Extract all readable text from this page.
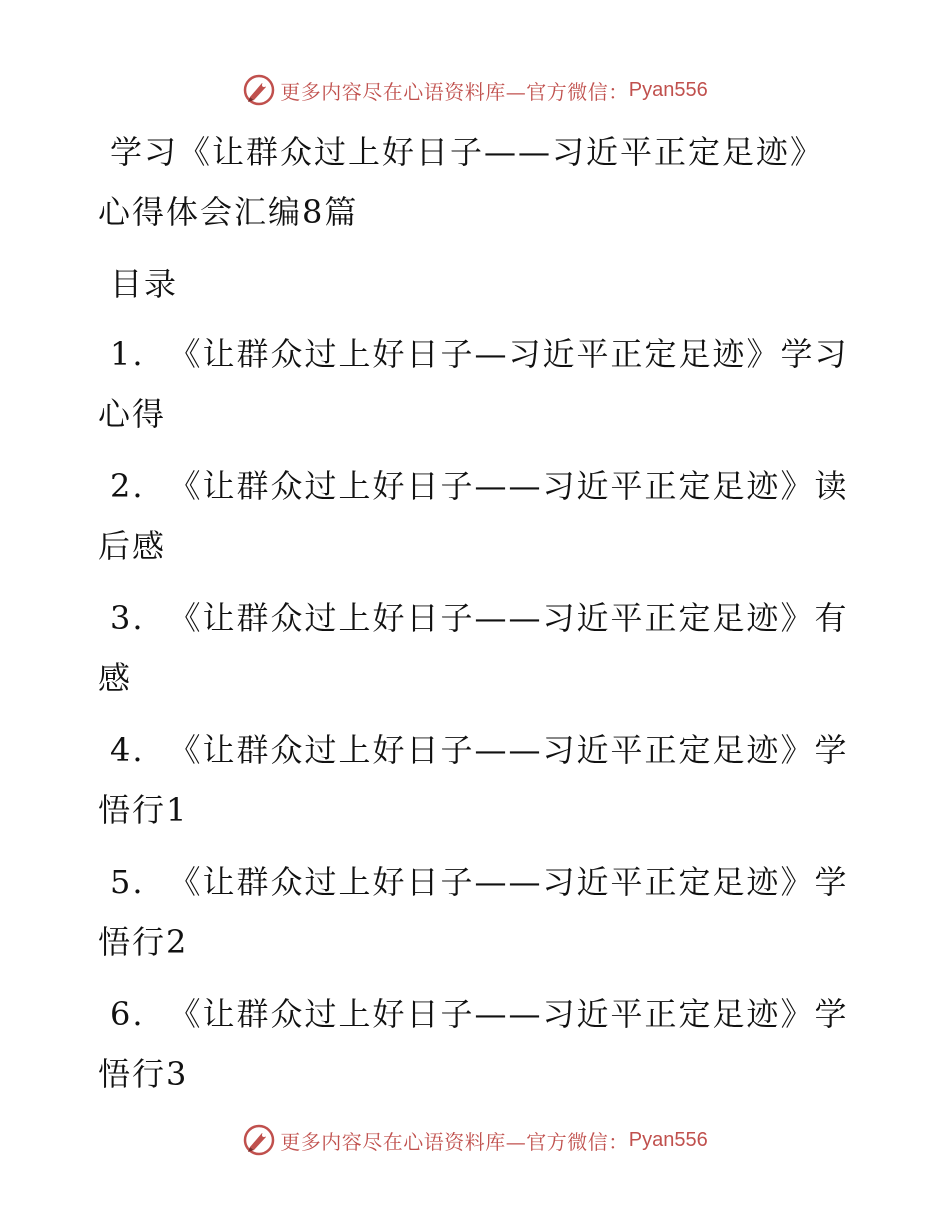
更多内容尽在心语资料库—官方微信： Pyan556
学习《让群众过上好日子——习近平正定足迹》
心得体会汇编8篇
目录
1. 《让群众过上好日子—习近平正定足迹》学习
心得
2. 《让群众过上好日子——习近平正定足迹》读
后感
3. 《让群众过上好日子——习近平正定足迹》有
感
4. 《让群众过上好日子——习近平正定足迹》学
悟行1
5. 《让群众过上好日子——习近平正定足迹》学
悟行2
6. 《让群众过上好日子——习近平正定足迹》学
悟行3
更多内容尽在心语资料库—官方微信： Pyan556
